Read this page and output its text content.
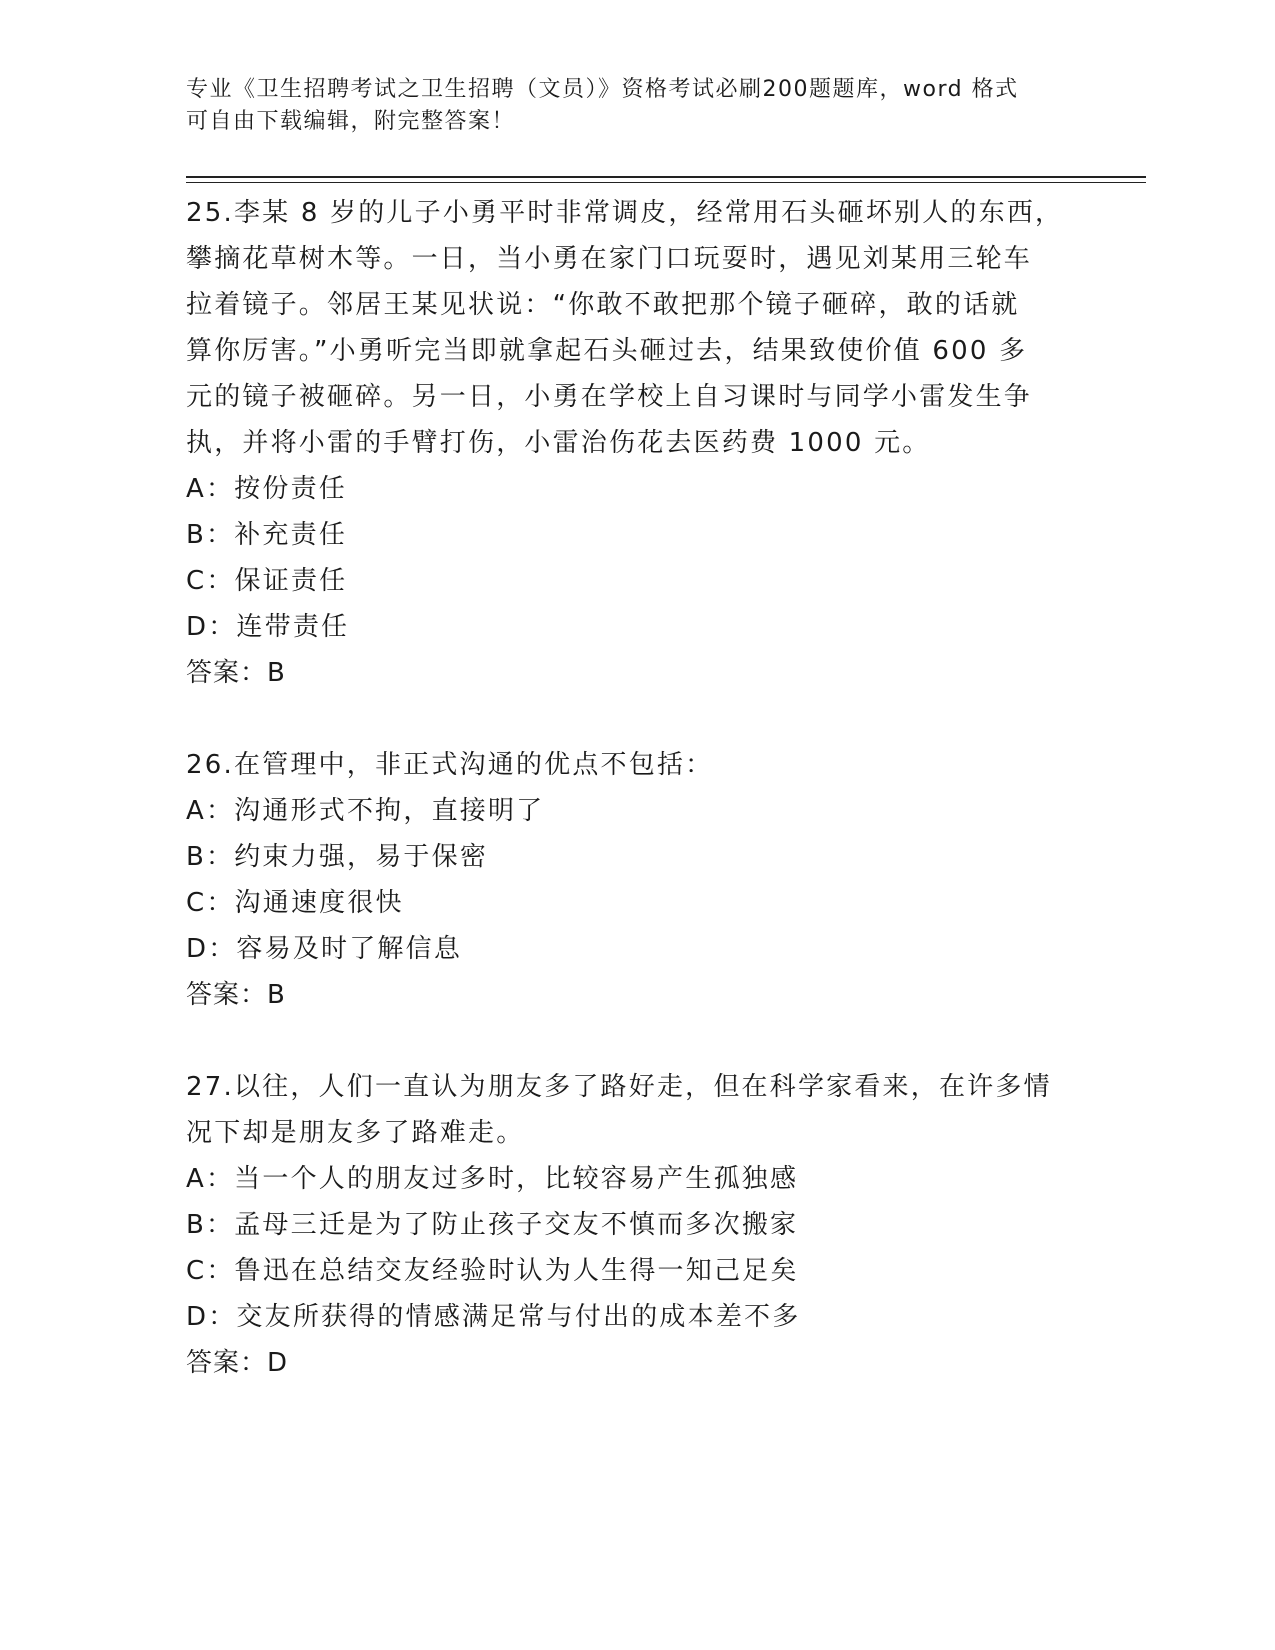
专业《卫生招聘考试之卫生招聘（文员）》资格考试必刷200题题库，word 格式
可自由下载编辑，附完整答案！
25.李某 8 岁的儿子小勇平时非常调皮，经常用石头砸坏别人的东西，
攀摘花草树木等。一日，当小勇在家门口玩耍时，遇见刘某用三轮车
拉着镜子。邻居王某见状说：“你敢不敢把那个镜子砸碎，敢的话就
算你厉害。”小勇听完当即就拿起石头砸过去，结果致使价值 600 多
元的镜子被砸碎。另一日，小勇在学校上自习课时与同学小雷发生争
执，并将小雷的手臂打伤，小雷治伤花去医药费 1000 元。
A：按份责任
B：补充责任
C：保证责任
D：连带责任
答案：B
26.在管理中，非正式沟通的优点不包括：
A：沟通形式不拘，直接明了
B：约束力强，易于保密
C：沟通速度很快
D：容易及时了解信息
答案：B
27.以往，人们一直认为朋友多了路好走，但在科学家看来，在许多情
况下却是朋友多了路难走。
A：当一个人的朋友过多时，比较容易产生孤独感
B：孟母三迁是为了防止孩子交友不慎而多次搬家
C：鲁迅在总结交友经验时认为人生得一知己足矣
D：交友所获得的情感满足常与付出的成本差不多
答案：D
